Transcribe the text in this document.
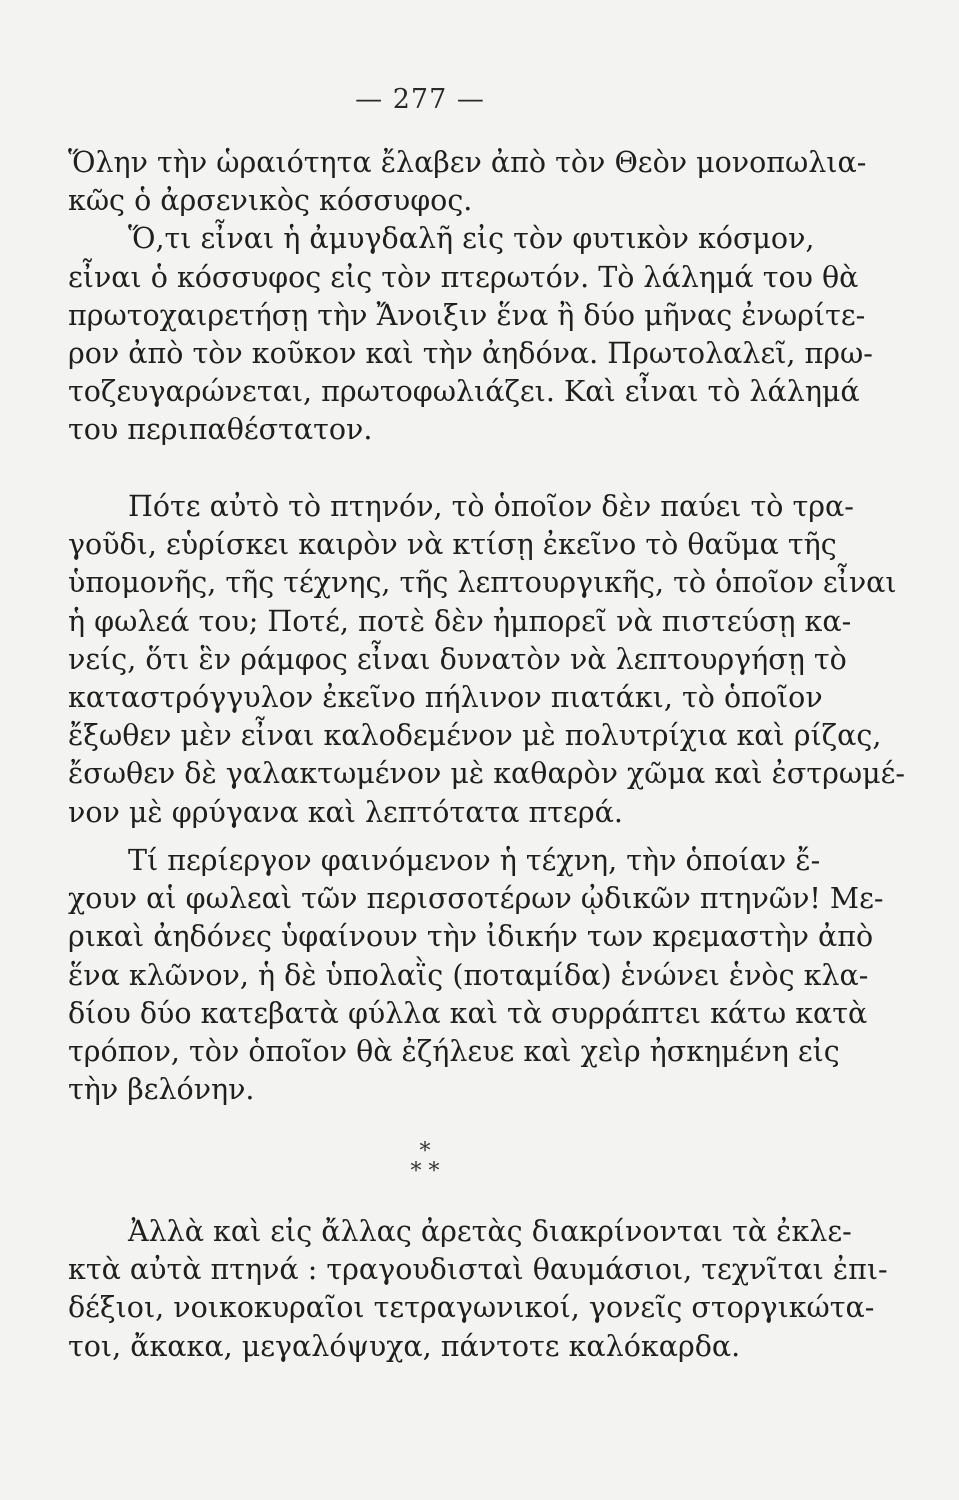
— 277 —
Ὅλην τὴν ὡραιότητα ἔλαβεν ἀπὸ τὸν Θεὸν μονοπωλια-
κῶς ὁ ἀρσενικὸς κόσσυφος.
Ὅ,τι εἶναι ἡ ἀμυγδαλῆ εἰς τὸν φυτικὸν κόσμον,
εἶναι ὁ κόσσυφος εἰς τὸν πτερωτόν. Τὸ λάλημά του θὰ
πρωτοχαιρετήσῃ τὴν Ἄνοιξιν ἕνα ἢ δύο μῆνας ἐνωρίτε-
ρον ἀπὸ τὸν κοῦκον καὶ τὴν ἀηδόνα. Πρωτολαλεῖ, πρω-
τοζευγαρώνεται, πρωτοφωλιάζει. Καὶ εἶναι τὸ λάλημά
του περιπαθέστατον.
Πότε αὐτὸ τὸ πτηνόν, τὸ ὁποῖον δὲν παύει τὸ τρα-
γοῦδι, εὑρίσκει καιρὸν νὰ κτίσῃ ἐκεῖνο τὸ θαῦμα τῆς
ὑπομονῆς, τῆς τέχνης, τῆς λεπτουργικῆς, τὸ ὁποῖον εἶναι
ἡ φωλεά του; Ποτέ, ποτὲ δὲν ἠμπορεῖ νὰ πιστεύσῃ κα-
νείς, ὅτι ἓν ράμφος εἶναι δυνατὸν νὰ λεπτουργήσῃ τὸ
καταστρόγγυλον ἐκεῖνο πήλινον πιατάκι, τὸ ὁποῖον
ἔξωθεν μὲν εἶναι καλοδεμένον μὲ πολυτρίχια καὶ ρίζας,
ἔσωθεν δὲ γαλακτωμένον μὲ καθαρὸν χῶμα καὶ ἐστρωμέ-
νον μὲ φρύγανα καὶ λεπτότατα πτερά.
Τί περίεργον φαινόμενον ἡ τέχνη, τὴν ὁποίαν ἔ-
χουν αἱ φωλεαὶ τῶν περισσοτέρων ᾠδικῶν πτηνῶν! Με-
ρικαὶ ἀηδόνες ὑφαίνουν τὴν ἰδικήν των κρεμαστὴν ἀπὸ
ἕνα κλῶνον, ἡ δὲ ὑπολαῒς (ποταμίδα) ἑνώνει ἑνὸς κλα-
δίου δύο κατεβατὰ φύλλα καὶ τὰ συρράπτει κάτω κατὰ
τρόπον, τὸν ὁποῖον θὰ ἐζήλευε καὶ χεὶρ ἠσκημένη εἰς
τὴν βελόνην.
*
* *
Ἀλλὰ καὶ εἰς ἄλλας ἀρετὰς διακρίνονται τὰ ἐκλε-
κτὰ αὐτὰ πτηνά : τραγουδισταὶ θαυμάσιοι, τεχνῖται ἐπι-
δέξιοι, νοικοκυραῖοι τετραγωνικοί, γονεῖς στοργικώτα-
τοι, ἄκακα, μεγαλόψυχα, πάντοτε καλόκαρδα.
